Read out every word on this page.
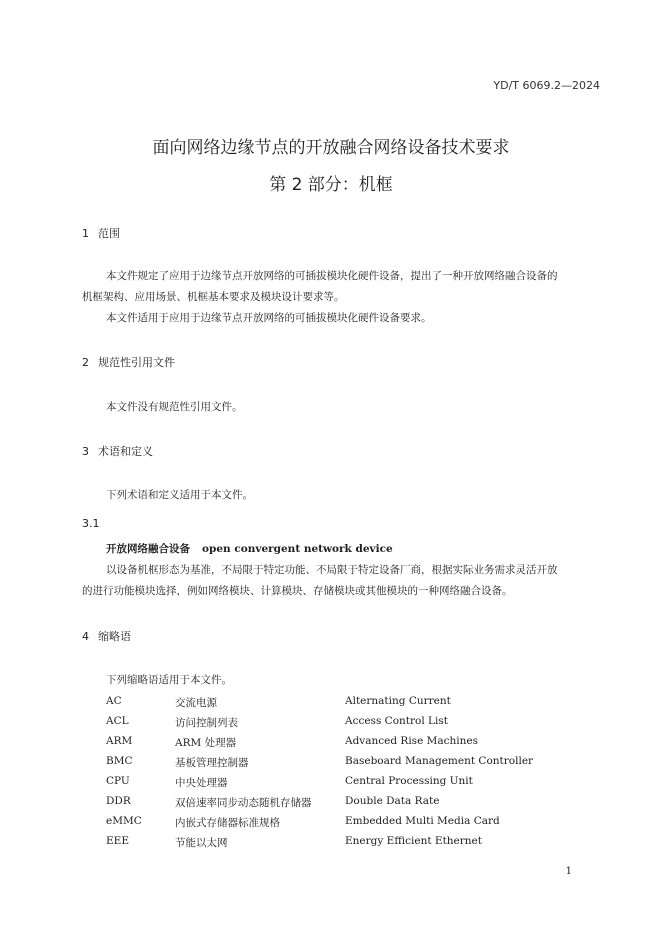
YD/T 6069.2—2024
面向网络边缘节点的开放融合网络设备技术要求
第 2 部分：机框
1 范围
本文件规定了应用于边缘节点开放网络的可插拔模块化硬件设备，提出了一种开放网络融合设备的
机框架构、应用场景、机框基本要求及模块设计要求等。
本文件适用于应用于边缘节点开放网络的可插拔模块化硬件设备要求。
2 规范性引用文件
本文件没有规范性引用文件。
3 术语和定义
下列术语和定义适用于本文件。
3.1
开放网络融合设备 open convergent network device
以设备机框形态为基准，不局限于特定功能、不局限于特定设备厂商，根据实际业务需求灵活开放
的进行功能模块选择，例如网络模块、计算模块、存储模块或其他模块的一种网络融合设备。
4 缩略语
下列缩略语适用于本文件。
AC	交流电源	Alternating Current
ACL	访问控制列表	Access Control List
ARM	ARM 处理器	Advanced Rise Machines
BMC	基板管理控制器	Baseboard Management Controller
CPU	中央处理器	Central Processing Unit
DDR	双倍速率同步动态随机存储器	Double Data Rate
eMMC	内嵌式存储器标准规格	Embedded Multi Media Card
EEE	节能以太网	Energy Efficient Ethernet
1
